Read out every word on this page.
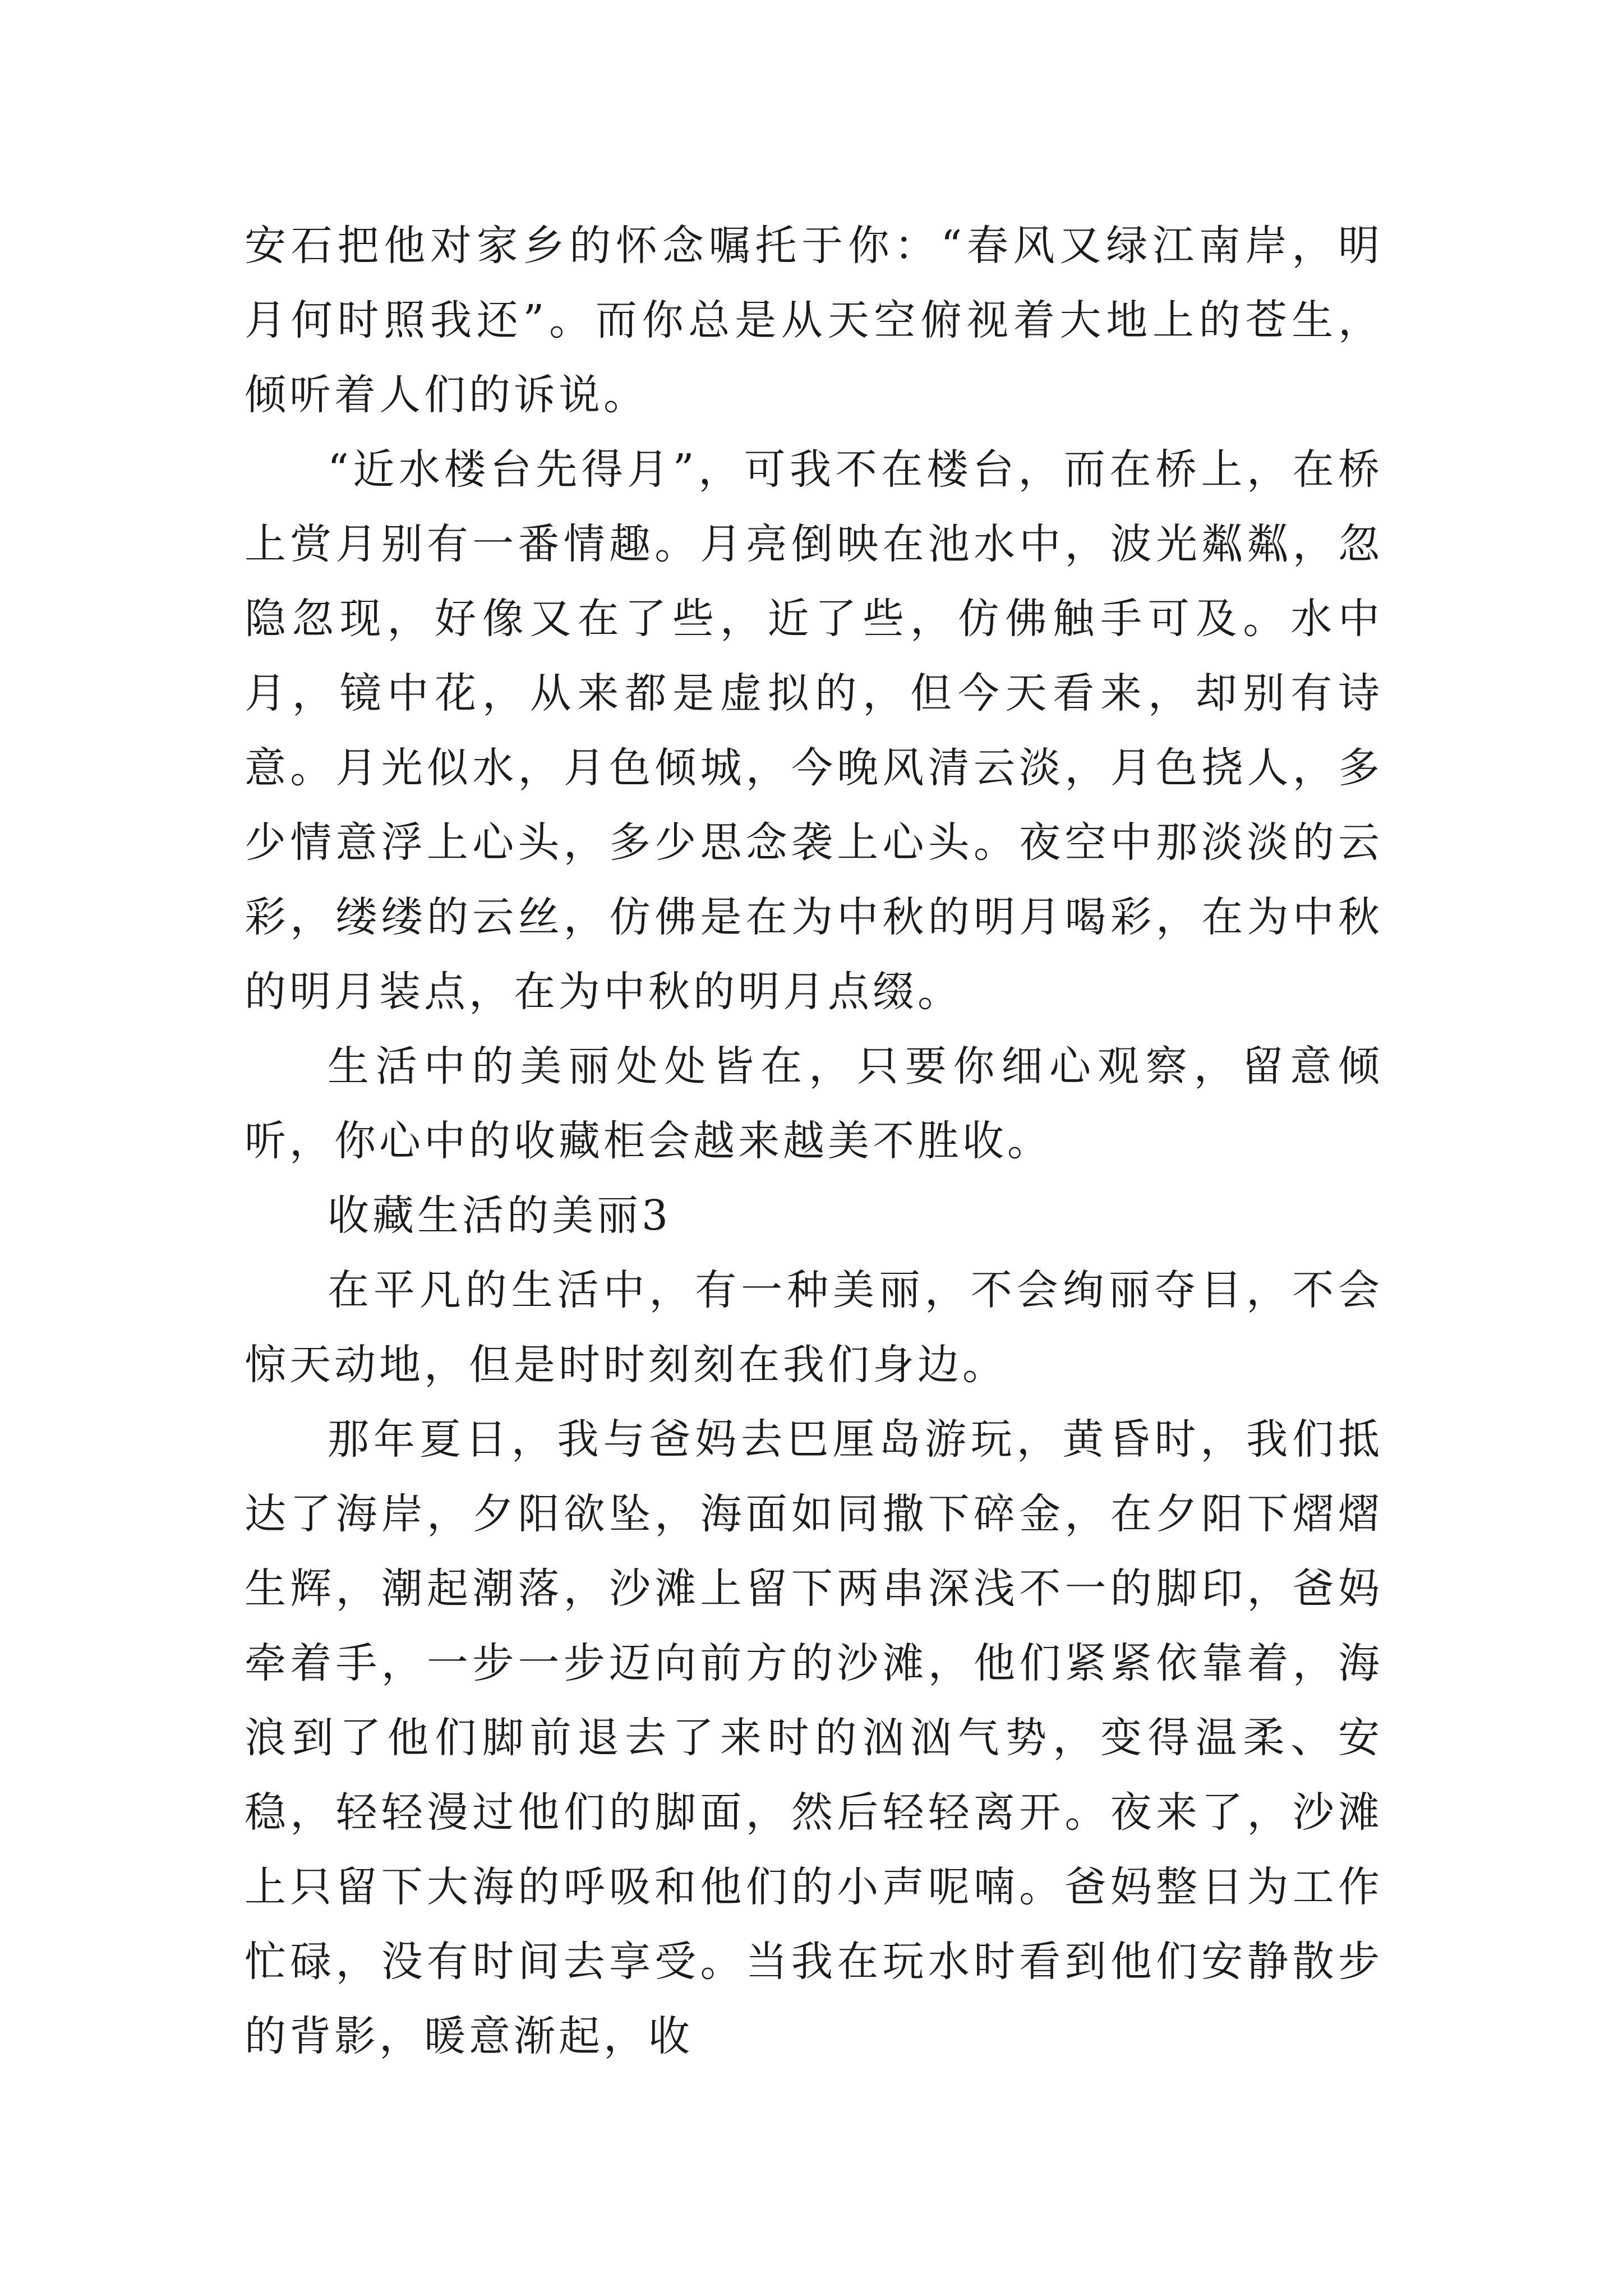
安石把他对家乡的怀念嘱托于你：“春风又绿江南岸，明月何时照我还”。而你总是从天空俯视着大地上的苍生，倾听着人们的诉说。

“近水楼台先得月”，可我不在楼台，而在桥上，在桥上赏月别有一番情趣。月亮倒映在池水中，波光粼粼，忽隐忽现，好像又在了些，近了些，仿佛触手可及。水中月，镜中花，从来都是虚拟的，但今天看来，却别有诗意。月光似水，月色倾城，今晚风清云淡，月色挠人，多少情意浮上心头，多少思念袭上心头。夜空中那淡淡的云彩，缕缕的云丝，仿佛是在为中秋的明月喝彩，在为中秋的明月装点，在为中秋的明月点缀。

生活中的美丽处处皆在，只要你细心观察，留意倾听，你心中的收藏柜会越来越美不胜收。

收藏生活的美丽3

在平凡的生活中，有一种美丽，不会绚丽夺目，不会惊天动地，但是时时刻刻在我们身边。

那年夏日，我与爸妈去巴厘岛游玩，黄昏时，我们抵达了海岸，夕阳欲坠，海面如同撒下碎金，在夕阳下熠熠生辉，潮起潮落，沙滩上留下两串深浅不一的脚印，爸妈牵着手，一步一步迈向前方的沙滩，他们紧紧依靠着，海浪到了他们脚前退去了来时的汹汹气势，变得温柔、安稳，轻轻漫过他们的脚面，然后轻轻离开。夜来了，沙滩上只留下大海的呼吸和他们的小声呢喃。爸妈整日为工作忙碌，没有时间去享受。当我在玩水时看到他们安静散步的背影，暖意渐起，收
